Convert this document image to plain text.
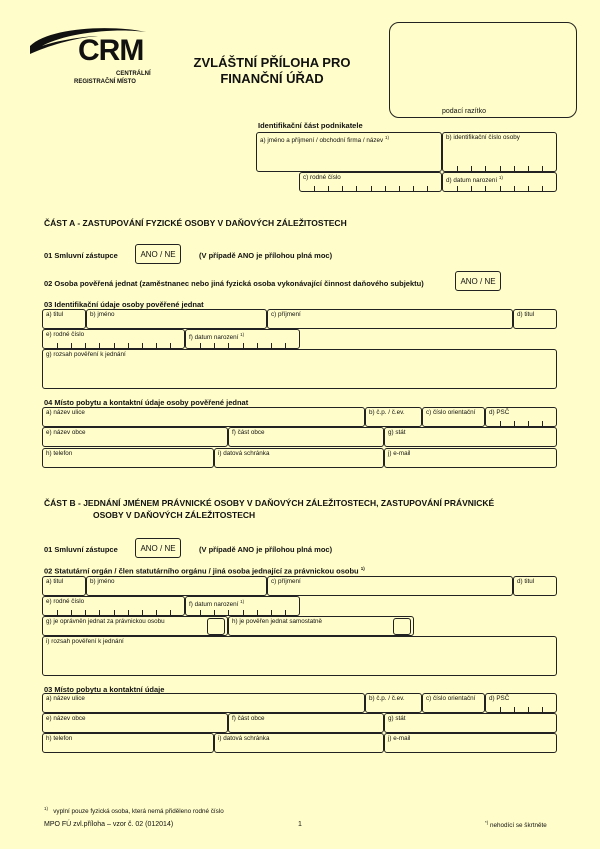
CRM
CENTRÁLNÍ
REGISTRAČNÍ MÍSTO
ZVLÁŠTNÍ PŘÍLOHA PRO
FINANČNÍ ÚŘAD
podací razítko
Identifikační část podnikatele
a) jméno a příjmení / obchodní firma / název $^{1)}$	b) identifikační číslo osoby
c) rodné číslo	d) datum narození $^{1)}$
ČÁST A - ZASTUPOVÁNÍ FYZICKÉ OSOBY V DAŇOVÝCH ZÁLEŽITOSTECH
01 Smluvní zástupce	ANO / NE	(V případě ANO je přílohou plná moc)
02 Osoba pověřená jednat (zaměstnanec nebo jiná fyzická osoba vykonávající činnost daňového subjektu)	ANO / NE
03 Identifikační údaje osoby pověřené jednat
a) titul	b) jméno	c) příjmení	d) titul
e) rodné číslo	f) datum narození $^{1)}$
g) rozsah pověření k jednání
04 Místo pobytu a kontaktní údaje osoby pověřené jednat
a) název ulice	b) č.p. / č.ev.	c) číslo orientační d) PSČ
e) název obce	f) část obce	g) stát
h) telefon	i) datová schránka	j) e-mail
ČÁST B - JEDNÁNÍ JMÉNEM PRÁVNICKÉ OSOBY V DAŇOVÝCH ZÁLEŽITOSTECH, ZASTUPOVÁNÍ PRÁVNICKÉ
OSOBY V DAŇOVÝCH ZÁLEŽITOSTECH
01 Smluvní zástupce	ANO / NE	(V případě ANO je přílohou plná moc)
02 Statutární orgán / člen statutárního orgánu / jiná osoba jednající za právnickou osobu $^{1)}$
a) titul	b) jméno	c) příjmení	d) titul
e) rodné číslo	f) datum narození $^{1)}$
g) je oprávněn jednat za právnickou osobu	h) je pověřen jednat samostatně
i) rozsah pověření k jednání
03 Místo pobytu a kontaktní údaje
a) název ulice	b) č.p. / č.ev.	c) číslo orientační d) PSČ
e) název obce	f) část obce	g) stát
h) telefon	i) datová schránka	j) e-mail
$^{1)}$ vyplní pouze fyzická osoba, která nemá přiděleno rodné číslo
MPO FÚ zvl.příloha – vzor č. 02 (012014)	1	*) nehodící se škrtněte
